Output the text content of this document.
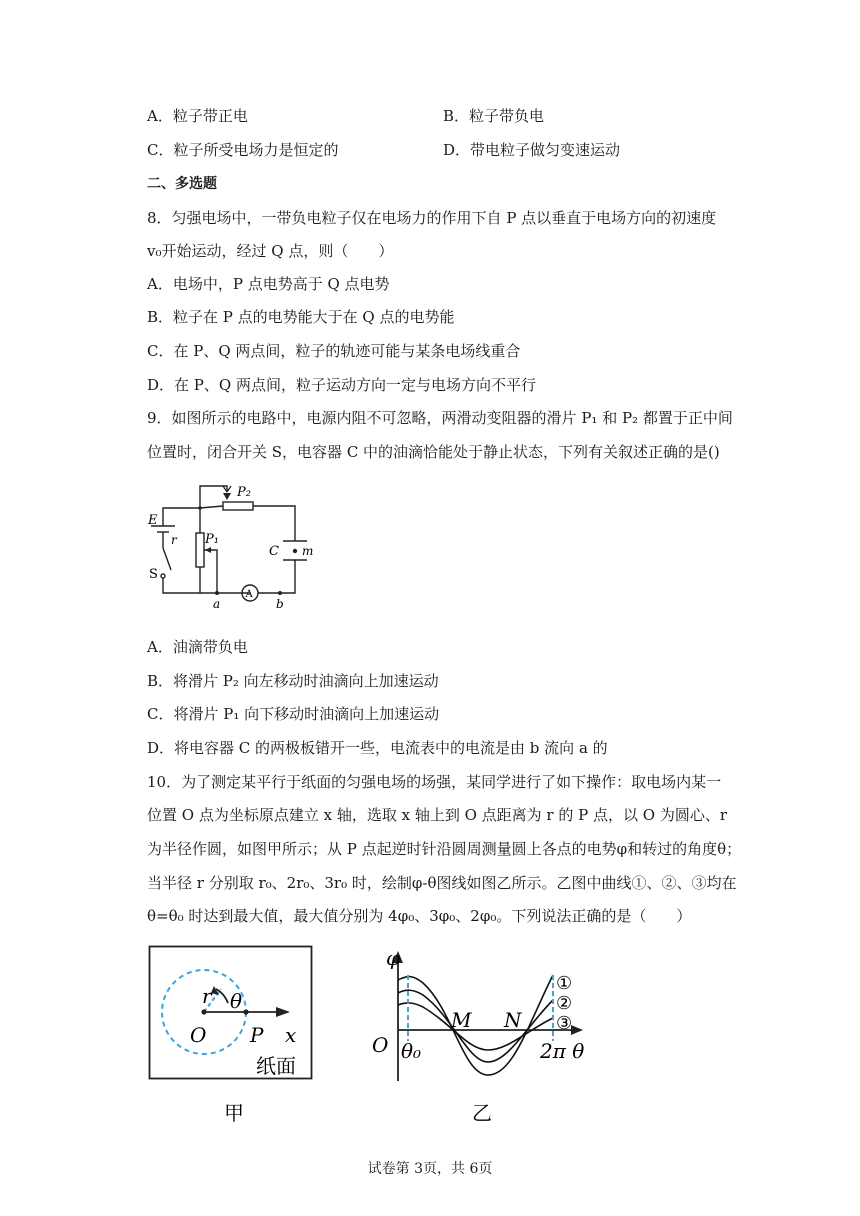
A．粒子带正电	B．粒子带负电
C．粒子所受电场力是恒定的	D．带电粒子做匀变速运动
二、多选题
8．匀强电场中，一带负电粒子仅在电场力的作用下自 P 点以垂直于电场方向的初速度
v₀开始运动，经过 Q 点，则（　　）
A．电场中，P 点电势高于 Q 点电势
B．粒子在 P 点的电势能大于在 Q 点的电势能
C．在 P、Q 两点间，粒子的轨迹可能与某条电场线重合
D．在 P、Q 两点间，粒子运动方向一定与电场方向不平行
9．如图所示的电路中，电源内阻不可忽略，两滑动变阻器的滑片 P₁ 和 P₂ 都置于正中间
位置时，闭合开关 S，电容器 C 中的油滴恰能处于静止状态，下列有关叙述正确的是()
E
r
S
P₁
P₂
C m
A
a	b
A．油滴带负电
B．将滑片 P₂ 向左移动时油滴向上加速运动
C．将滑片 P₁ 向下移动时油滴向上加速运动
D．将电容器 C 的两极板错开一些，电流表中的电流是由 b 流向 a 的
10．为了测定某平行于纸面的匀强电场的场强，某同学进行了如下操作：取电场内某一
位置 O 点为坐标原点建立 x 轴，选取 x 轴上到 O 点距离为 r 的 P 点，以 O 为圆心、r
为半径作圆，如图甲所示；从 P 点起逆时针沿圆周测量圆上各点的电势φ和转过的角度θ；
当半径 r 分别取 r₀、2r₀、3r₀ 时，绘制φ-θ图线如图乙所示。乙图中曲线①、②、③均在
θ=θ₀ 时达到最大值，最大值分别为 4φ₀、3φ₀、2φ₀。下列说法正确的是（　　）
r θ
O P x
纸面
甲
φ
O θ₀	2π θ
M N
①
②
③
乙
试卷第 3页，共 6页
